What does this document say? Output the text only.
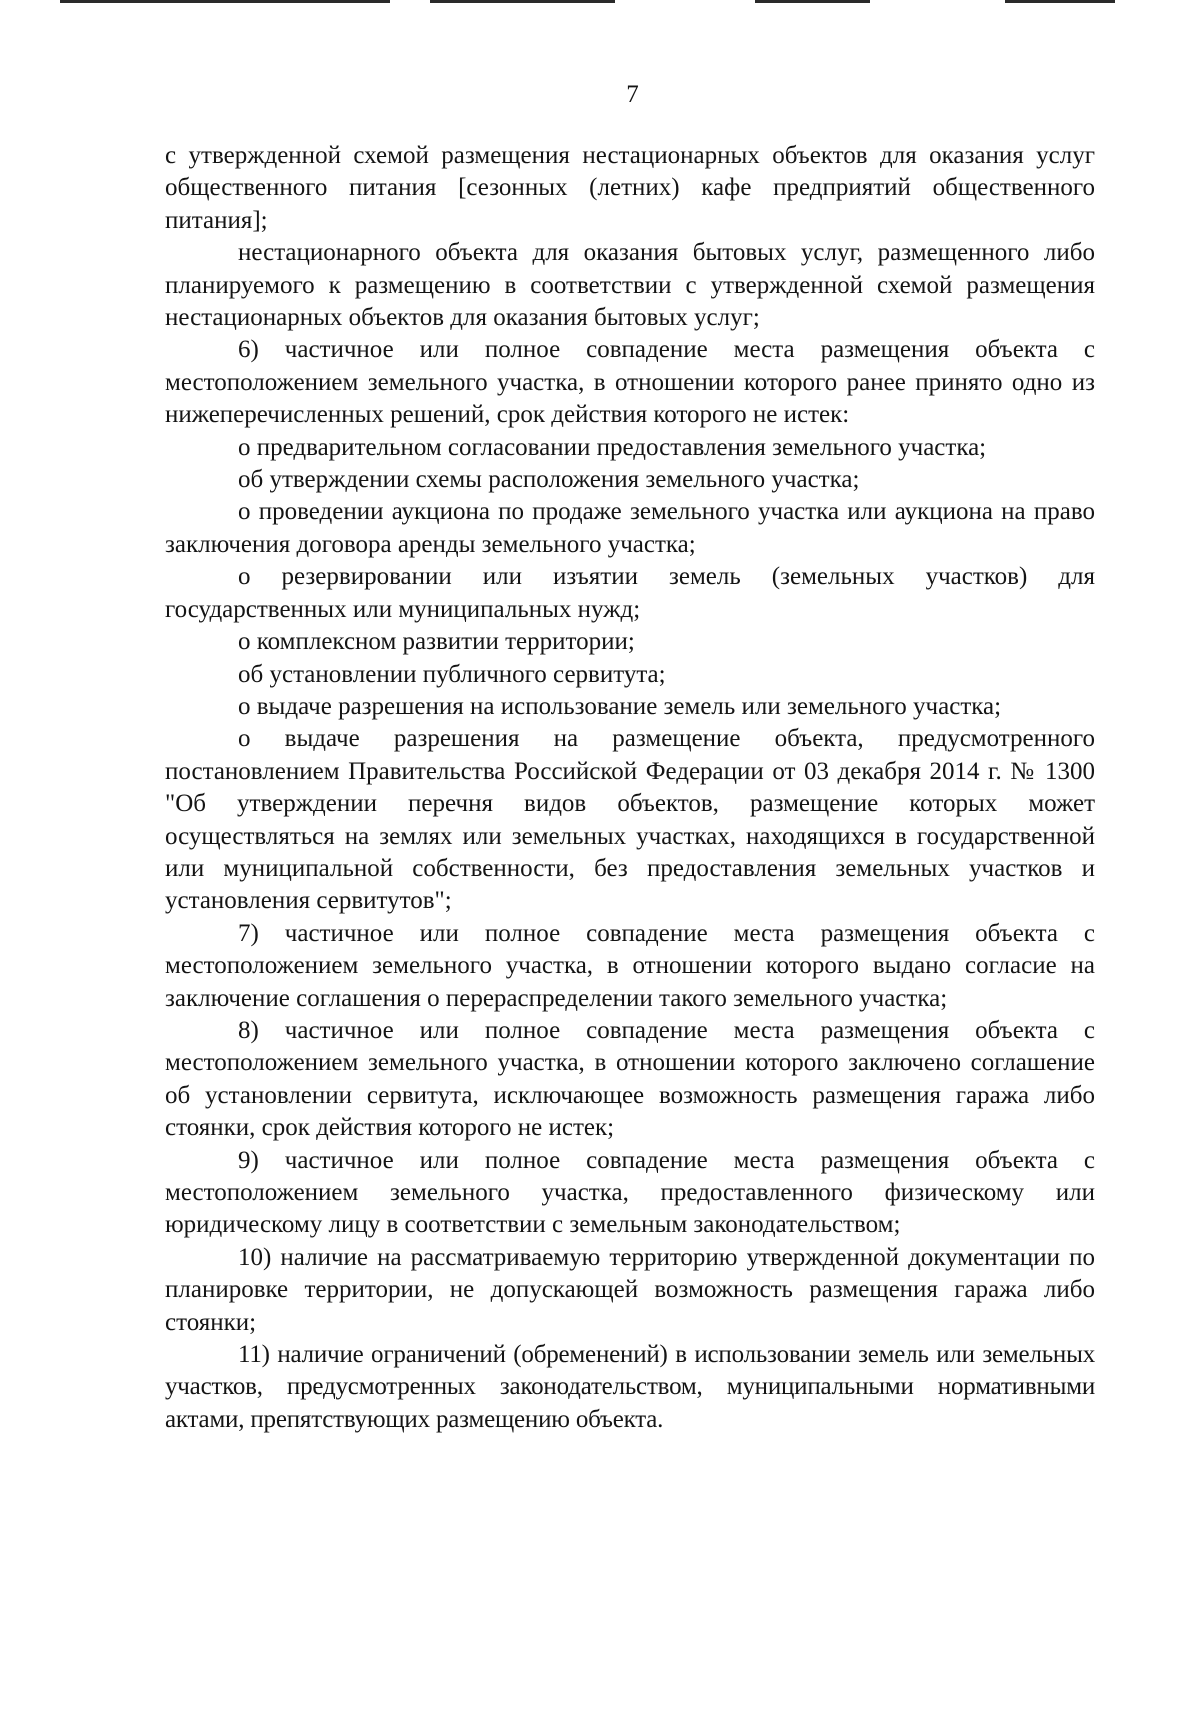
7

с утвержденной схемой размещения нестационарных объектов для оказания услуг общественного питания [сезонных (летних) кафе предприятий общественного питания];

нестационарного объекта для оказания бытовых услуг, размещенного либо планируемого к размещению в соответствии с утвержденной схемой размещения нестационарных объектов для оказания бытовых услуг;

6) частичное или полное совпадение места размещения объекта с местоположением земельного участка, в отношении которого ранее принято одно из нижеперечисленных решений, срок действия которого не истек:

о предварительном согласовании предоставления земельного участка;

об утверждении схемы расположения земельного участка;

о проведении аукциона по продаже земельного участка или аукциона на право заключения договора аренды земельного участка;

о резервировании или изъятии земель (земельных участков) для государственных или муниципальных нужд;

о комплексном развитии территории;

об установлении публичного сервитута;

о выдаче разрешения на использование земель или земельного участка;

о выдаче разрешения на размещение объекта, предусмотренного постановлением Правительства Российской Федерации от 03 декабря 2014 г. № 1300 "Об утверждении перечня видов объектов, размещение которых может осуществляться на землях или земельных участках, находящихся в государственной или муниципальной собственности, без предоставления земельных участков и установления сервитутов";

7) частичное или полное совпадение места размещения объекта с местоположением земельного участка, в отношении которого выдано согласие на заключение соглашения о перераспределении такого земельного участка;

8) частичное или полное совпадение места размещения объекта с местоположением земельного участка, в отношении которого заключено соглашение об установлении сервитута, исключающее возможность размещения гаража либо стоянки, срок действия которого не истек;

9) частичное или полное совпадение места размещения объекта с местоположением земельного участка, предоставленного физическому или юридическому лицу в соответствии с земельным законодательством;

10) наличие на рассматриваемую территорию утвержденной документации по планировке территории, не допускающей возможность размещения гаража либо стоянки;

11) наличие ограничений (обременений) в использовании земель или земельных участков, предусмотренных законодательством, муниципальными нормативными актами, препятствующих размещению объекта.
